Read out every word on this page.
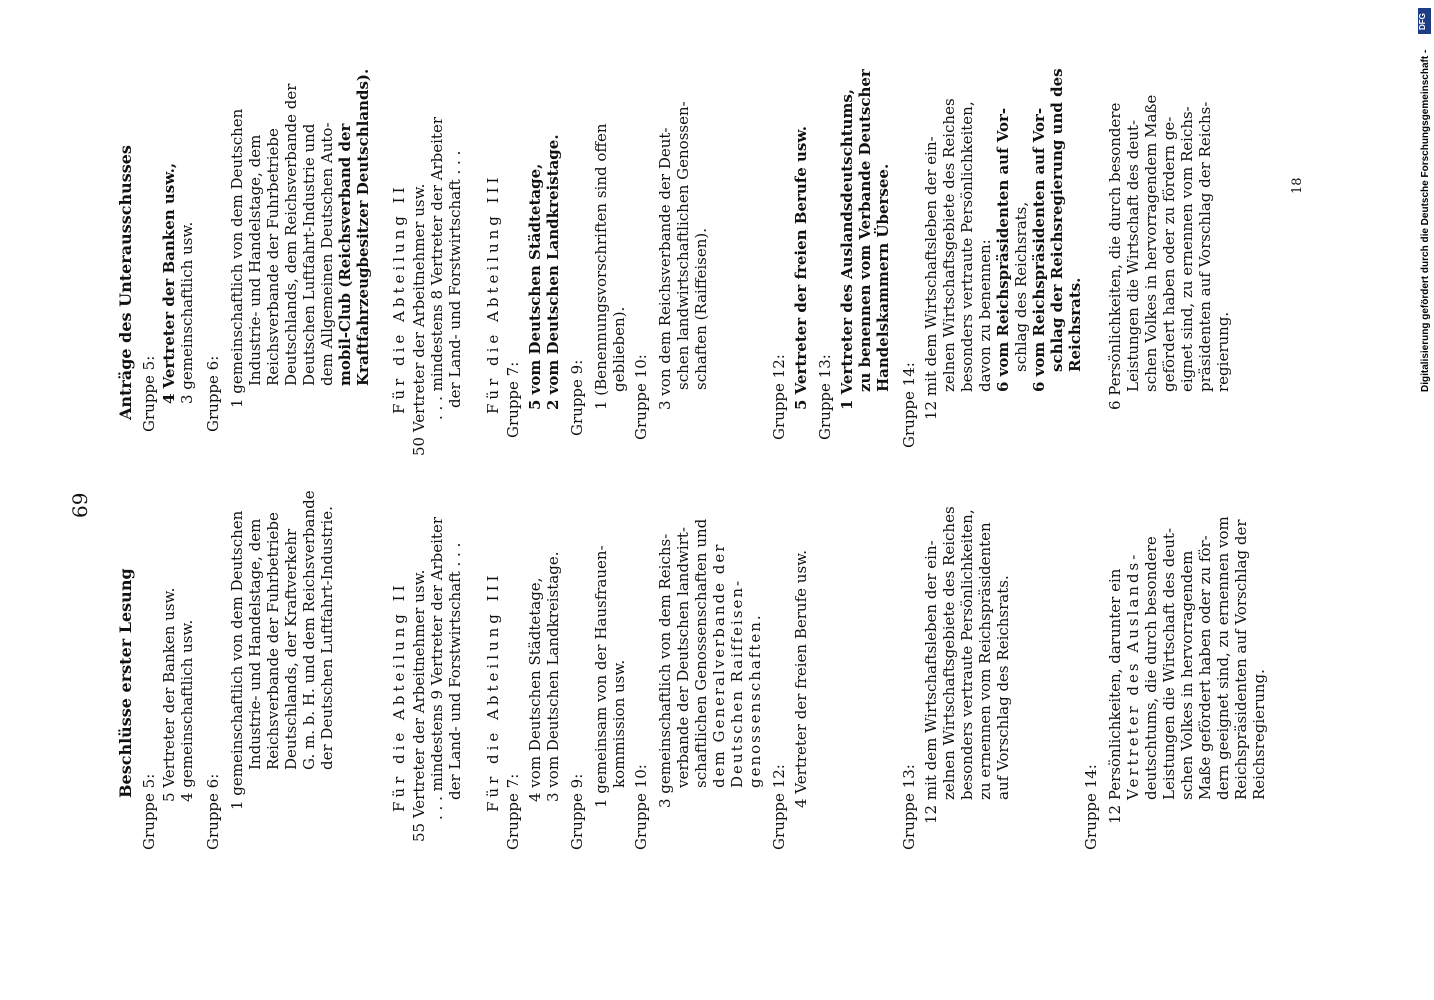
Digitalisierung gefördert durch die Deutsche Forschungsgemeinschaft -
DFG
69
18
Beschlüsse erster Lesung
Gruppe 5:
5 Vertreter der Banken usw. 4 gemeinschaftlich usw.
Gruppe 6:
1 gemeinschaftlich von dem Deutschen Industrie- und Handelstage, dem Reichsverbande der Fuhrbetriebe Deutschlands, der Kraftverkehr G. m. b. H. und dem Reichsverbande der Deutschen Luftfahrt-Industrie.	Für die Abteilung II 55 Vertreter der Arbeitnehmer usw. . . . mindestens 9 Vertreter der Arbeiter der Land- und Forstwirtschaft . . . Für die Abteilung III Gruppe 7:
4 vom Deutschen Städtetage, 3 vom Deutschen Landkreistage.
Gruppe 9:
1 gemeinsam von der Hausfrauen- kommission usw.
Gruppe 10: 3 gemeinschaftlich von dem Reichs- verbande der Deutschen landwirt- schaftlichen Genossenschaften und dem Generalverbande der Deutschen Raiffeisen- genossenschaften.
Gruppe 12: 4 Vertreter der freien Berufe usw.	Gruppe 13: 12 mit dem Wirtschaftsleben der ein- zelnen Wirtschaftsgebiete des Reiches besonders vertraute Persönlichkeiten, zu ernennen vom Reichspräsidenten auf Vorschlag des Reichsrats.
Gruppe 14: 12 Persönlichkeiten, darunter ein Vertreter des Auslands- deutschtums, die durch besondere Leistungen die Wirtschaft des deut- schen Volkes in hervorragendem Maße gefördert haben oder zu för- dern geeignet sind, zu ernennen vom Reichspräsidenten auf Vorschlag der Reichsregierung.
Anträge des Unterausschusses Gruppe 5: 4 Vertreter der Banken usw., 3 gemeinschaftlich usw. Gruppe 6: 1 gemeinschaftlich von dem Deutschen Industrie- und Handelstage, dem Reichsverbande der Fuhrbetriebe Deutschlands, dem Reichsverbande der Deutschen Luftfahrt-Industrie und dem Allgemeinen Deutschen Auto- mobil-Club (Reichsverband der Kraftfahrzeugbesitzer Deutschlands). Für die Abteilung II 50 Vertreter der Arbeitnehmer usw. . . . mindestens 8 Vertreter der Arbeiter der Land- und Forstwirtschaft . . . Für die Abteilung III Gruppe 7: 5 vom Deutschen Städtetage, 2 vom Deutschen Landkreistage. Gruppe 9: 1 (Benennungsvorschriften sind offen geblieben).
Gruppe 10: 3 von dem Reichsverbande der Deut- schen landwirtschaftlichen Genossen- schaften (Raiffeisen).
Gruppe 12: 5 Vertreter der freien Berufe usw. Gruppe 13: 1 Vertreter des Auslandsdeutschtums, zu benennen vom Verbande Deutscher Handelskammern Übersee.
Gruppe 14: 12 mit dem Wirtschaftsleben der ein- zelnen Wirtschaftsgebiete des Reiches besonders vertraute Persönlichkeiten, davon zu benennen: 6 vom Reichspräsidenten auf Vor- schlag des Reichsrats, 6 vom Reichspräsidenten auf Vor- schlag der Reichsregierung und des Reichsrats. 6 Persönlichkeiten, die durch besondere Leistungen die Wirtschaft des deut- schen Volkes in hervorragendem Maße gefördert haben oder zu fördern ge- eignet sind, zu ernennen vom Reichs- präsidenten auf Vorschlag der Reichs- regierung.
